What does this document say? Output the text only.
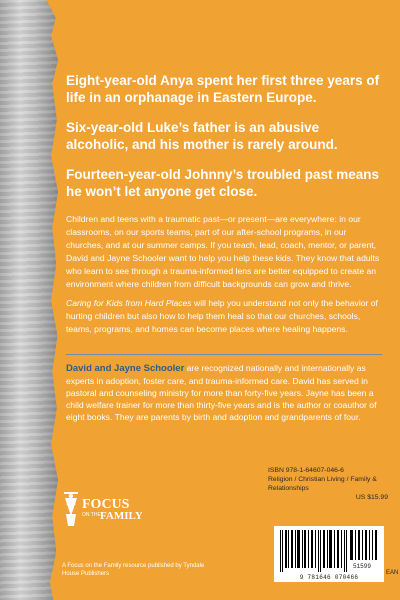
Eight-year-old Anya spent her first three years of life in an orphanage in Eastern Europe.

Six-year-old Luke’s father is an abusive alcoholic, and his mother is rarely around.

Fourteen-year-old Johnny’s troubled past means he won’t let anyone get close.

Children and teens with a traumatic past—or present—are everywhere: in our classrooms, on our sports teams, part of our after-school programs, in our churches, and at our summer camps. If you teach, lead, coach, mentor, or parent, David and Jayne Schooler want to help you help these kids. They know that adults who learn to see through a trauma-informed lens are better equipped to create an environment where children from difficult backgrounds can grow and thrive.

Caring for Kids from Hard Places will help you understand not only the behavior of hurting children but also how to help them heal so that our churches, schools, teams, programs, and homes can become places where healing happens.

David and Jayne Schooler are recognized nationally and internationally as experts in adoption, foster care, and trauma-informed care. David has served in pastoral and counseling ministry for more than forty-five years. Jayne has been a child welfare trainer for more than thirty-five years and is the author or coauthor of eight books. They are parents by birth and adoption and grandparents of four.
FOCUS
ON THE FAMILY.
A Focus on the Family resource published by Tyndale House Publishers
ISBN 978-1-64607-046-6
Religion / Christian Living / Family & Relationships
US $15.99
51599
9 781646 070466
EAN
